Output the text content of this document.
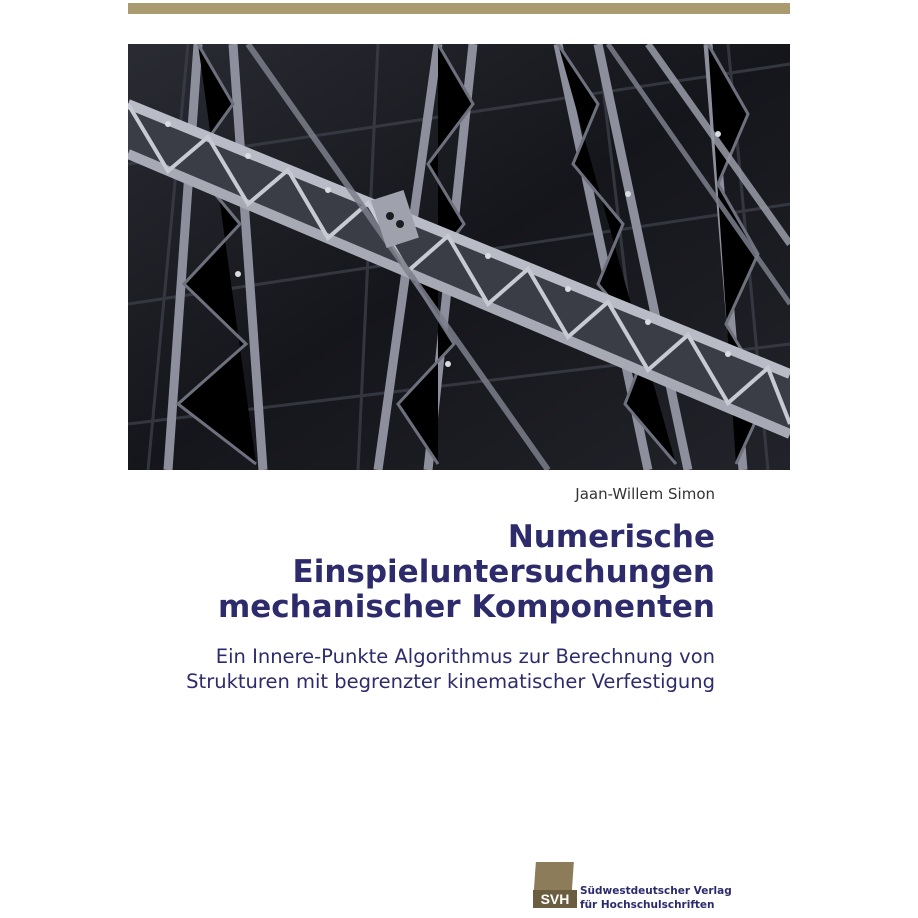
Jaan-Willem Simon
Numerische
Einspieluntersuchungen
mechanischer Komponenten
Ein Innere-Punkte Algorithmus zur Berechnung von
Strukturen mit begrenzter kinematischer Verfestigung
SVH Südwestdeutscher Verlag
für Hochschulschriften
